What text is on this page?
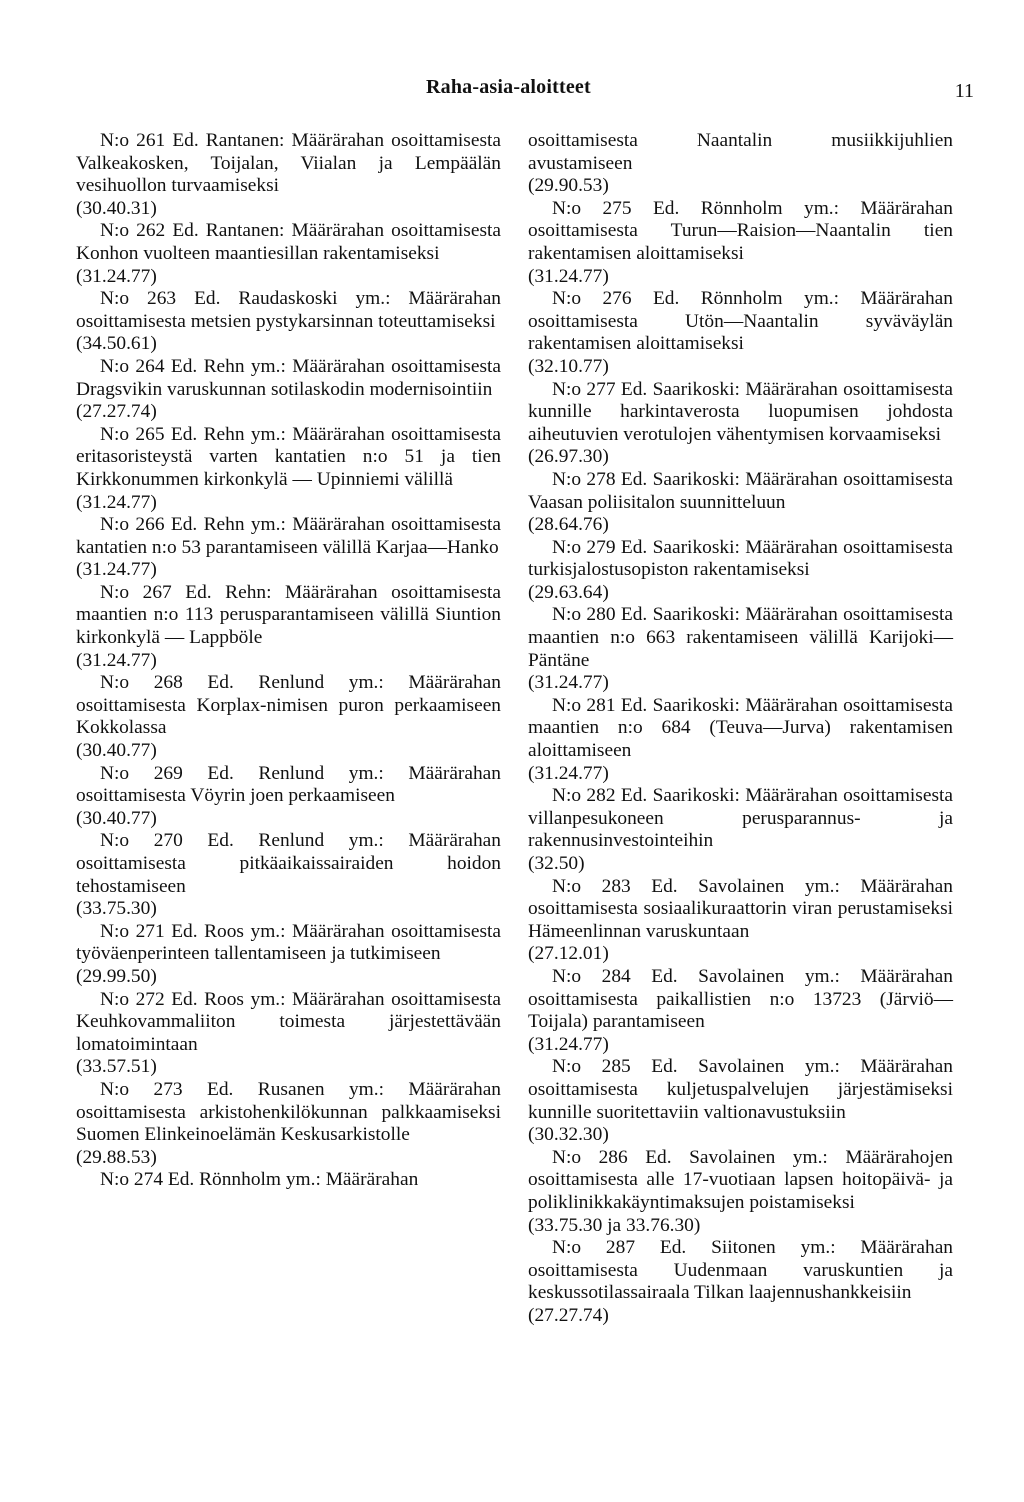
Raha-asia-aloitteet	11

N:o 261 Ed. Rantanen: Määrärahan osoittamisesta Valkeakosken, Toijalan, Viialan ja Lempäälän vesihuollon turvaamiseksi

(30.40.31)

N:o 262 Ed. Rantanen: Määrärahan osoittamisesta Konhon vuolteen maantiesillan rakentamiseksi

(31.24.77)

N:o 263 Ed. Raudaskoski ym.: Määrärahan osoittamisesta metsien pystykarsinnan toteuttamiseksi

(34.50.61)

N:o 264 Ed. Rehn ym.: Määrärahan osoittamisesta Dragsvikin varuskunnan sotilaskodin modernisointiin

(27.27.74)

N:o 265 Ed. Rehn ym.: Määrärahan osoittamisesta eritasoristeystä varten kantatien n:o 51 ja tien Kirkkonummen kirkonkylä — Upinniemi välillä

(31.24.77)

N:o 266 Ed. Rehn ym.: Määrärahan osoittamisesta kantatien n:o 53 parantamiseen välillä Karjaa—Hanko

(31.24.77)

N:o 267 Ed. Rehn: Määrärahan osoittamisesta maantien n:o 113 perusparantamiseen välillä Siuntion kirkonkylä — Lappböle

(31.24.77)

N:o 268 Ed. Renlund ym.: Määrärahan osoittamisesta Korplax-nimisen puron perkaamiseen Kokkolassa

(30.40.77)

N:o 269 Ed. Renlund ym.: Määrärahan osoittamisesta Vöyrin joen perkaamiseen

(30.40.77)

N:o 270 Ed. Renlund ym.: Määrärahan osoittamisesta pitkäaikaissairaiden hoidon tehostamiseen

(33.75.30)

N:o 271 Ed. Roos ym.: Määrärahan osoittamisesta työväenperinteen tallentamiseen ja tutkimiseen

(29.99.50)

N:o 272 Ed. Roos ym.: Määrärahan osoittamisesta Keuhkovammaliiton toimesta järjestettävään lomatoimintaan

(33.57.51)

N:o 273 Ed. Rusanen ym.: Määrärahan osoittamisesta arkistohenkilökunnan palkkaamiseksi Suomen Elinkeinoelämän Keskusarkistolle

(29.88.53)

N:o 274 Ed. Rönnholm ym.: Määrärahan

osoittamisesta Naantalin musiikkijuhlien avustamiseen

(29.90.53)

N:o 275 Ed. Rönnholm ym.: Määrärahan osoittamisesta Turun—Raision—Naantalin tien rakentamisen aloittamiseksi

(31.24.77)

N:o 276 Ed. Rönnholm ym.: Määrärahan osoittamisesta Utön—Naantalin syväväylän rakentamisen aloittamiseksi

(32.10.77)

N:o 277 Ed. Saarikoski: Määrärahan osoittamisesta kunnille harkintaverosta luopumisen johdosta aiheutuvien verotulojen vähentymisen korvaamiseksi

(26.97.30)

N:o 278 Ed. Saarikoski: Määrärahan osoittamisesta Vaasan poliisitalon suunnitteluun

(28.64.76)

N:o 279 Ed. Saarikoski: Määrärahan osoittamisesta turkisjalostusopiston rakentamiseksi

(29.63.64)

N:o 280 Ed. Saarikoski: Määrärahan osoittamisesta maantien n:o 663 rakentamiseen välillä Karijoki—Päntäne

(31.24.77)

N:o 281 Ed. Saarikoski: Määrärahan osoittamisesta maantien n:o 684 (Teuva—Jurva) rakentamisen aloittamiseen

(31.24.77)

N:o 282 Ed. Saarikoski: Määrärahan osoittamisesta villanpesukoneen perusparannus- ja rakennusinvestointeihin

(32.50)

N:o 283 Ed. Savolainen ym.: Määrärahan osoittamisesta sosiaalikuraattorin viran perustamiseksi Hämeenlinnan varuskuntaan

(27.12.01)

N:o 284 Ed. Savolainen ym.: Määrärahan osoittamisesta paikallistien n:o 13723 (Järviö—Toijala) parantamiseen

(31.24.77)

N:o 285 Ed. Savolainen ym.: Määrärahan osoittamisesta kuljetuspalvelujen järjestämiseksi kunnille suoritettaviin valtionavustuksiin

(30.32.30)

N:o 286 Ed. Savolainen ym.: Määrärahojen osoittamisesta alle 17-vuotiaan lapsen hoitopäivä- ja poliklinikkakäyntimaksujen poistamiseksi

(33.75.30 ja 33.76.30)

N:o 287 Ed. Siitonen ym.: Määrärahan osoittamisesta Uudenmaan varuskuntien ja keskussotilassairaala Tilkan laajennushankkeisiin

(27.27.74)
